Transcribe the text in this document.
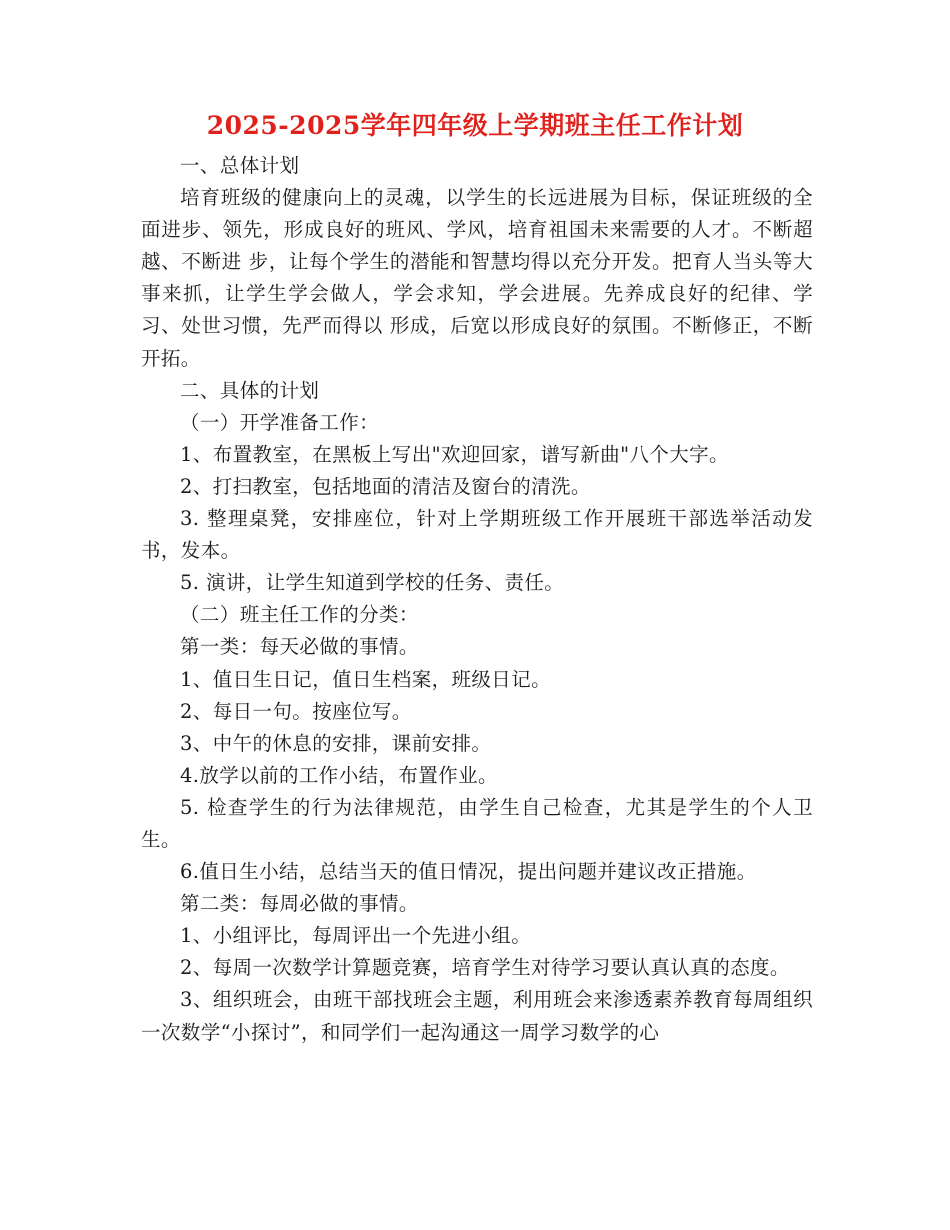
2025-2025学年四年级上学期班主任工作计划

一、总体计划

培育班级的健康向上的灵魂，以学生的长远进展为目标，保证班级的全面进步、领先，形成良好的班风、学风，培育祖国未来需要的人才。不断超越、不断进 步，让每个学生的潜能和智慧均得以充分开发。把育人当头等大事来抓，让学生学会做人，学会求知，学会进展。先养成良好的纪律、学习、处世习惯，先严而得以 形成，后宽以形成良好的氛围。不断修正，不断开拓。

二、具体的计划

（一）开学准备工作：

1、布置教室，在黑板上写出"欢迎回家，谱写新曲"八个大字。

2、打扫教室，包括地面的清洁及窗台的清洗。

3. 整理桌凳，安排座位，针对上学期班级工作开展班干部选举活动发书，发本。

5. 演讲，让学生知道到学校的任务、责任。

（二）班主任工作的分类：

第一类：每天必做的事情。

1、值日生日记，值日生档案，班级日记。

2、每日一句。按座位写。

3、中午的休息的安排，课前安排。

4.放学以前的工作小结，布置作业。

5. 检查学生的行为法律规范，由学生自己检查，尤其是学生的个人卫生。

6.值日生小结，总结当天的值日情况，提出问题并建议改正措施。

第二类：每周必做的事情。

1、小组评比，每周评出一个先进小组。

2、每周一次数学计算题竞赛，培育学生对待学习要认真认真的态度。

3、组织班会，由班干部找班会主题，利用班会来渗透素养教育每周组织一次数学“小探讨”，和同学们一起沟通这一周学习数学的心
